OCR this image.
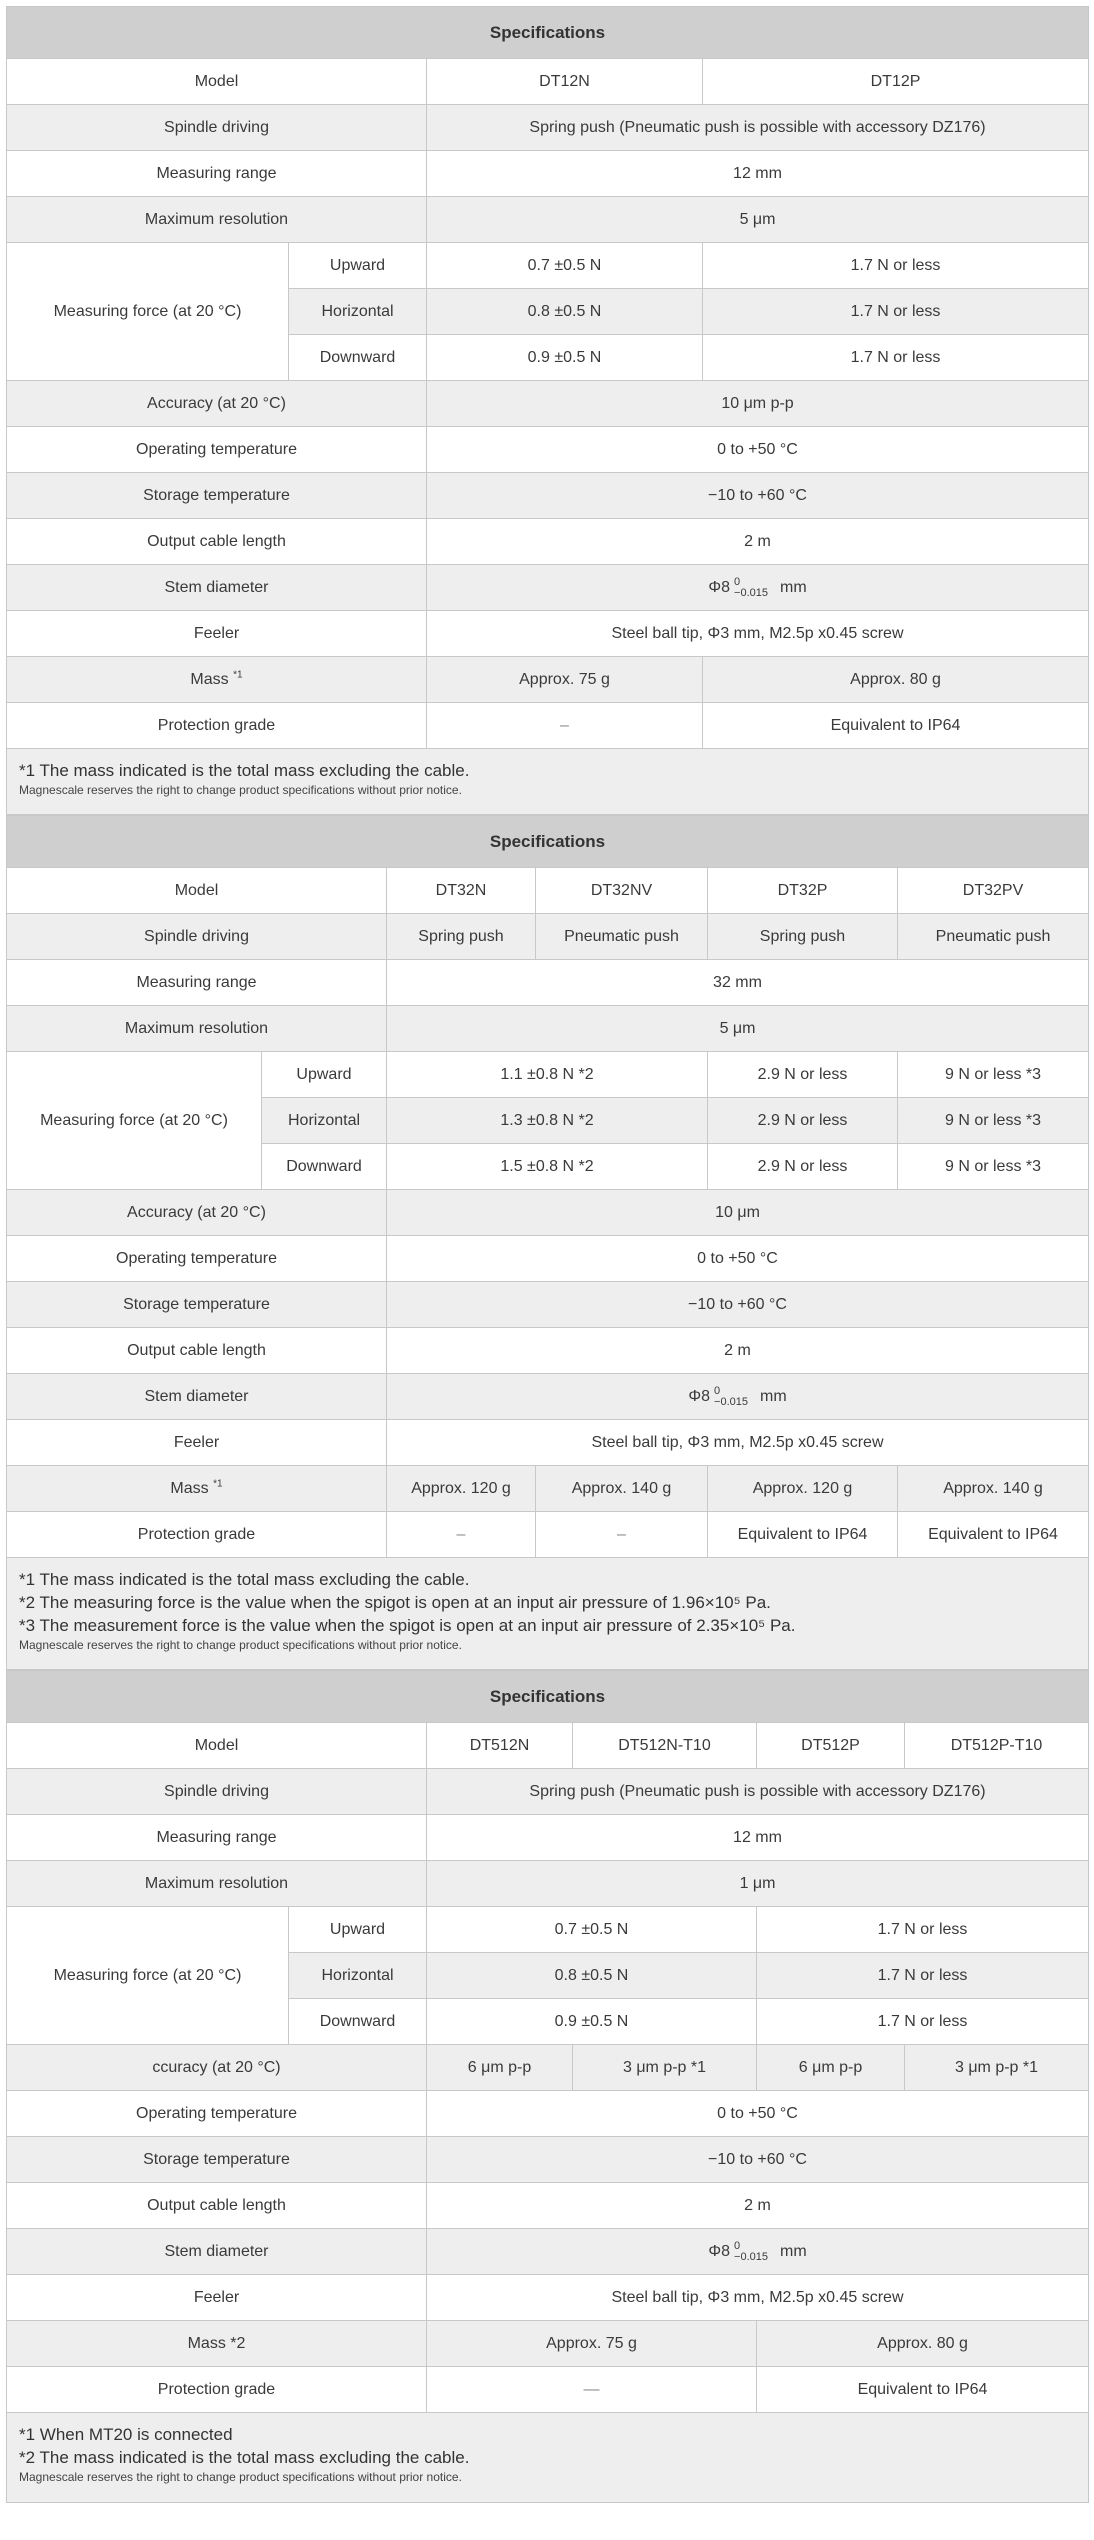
Specifications			
Model		DT12N	DT12P
Spindle driving		Spring push (Pneumatic push is possible with accessory DZ176)	
Measuring range		12 mm	
Maximum resolution		5 μm	
Measuring force (at 20 °C)	Upward	0.7 ±0.5 N	1.7 N or less
	Horizontal	0.8 ±0.5 N	1.7 N or less
	Downward	0.9 ±0.5 N	1.7 N or less
Accuracy (at 20 °C)		10 μm p-p	
Operating temperature		0 to +50 °C	
Storage temperature		−10 to +60 °C	
Output cable length		2 m	
Stem diameter		Φ8 0
−0.015 mm	

Feeler		Steel ball tip, Φ3 mm, M2.5p x0.45 screw	
Mass $^{*1}$		Approx. 75 g	Approx. 80 g
Protection grade		–	Equivalent to IP64

*1 The mass indicated is the total mass excluding the cable.
Magnescale reserves the right to change product specifications without prior notice.			
Specifications					
Model		DT32N	DT32NV	DT32P	DT32PV
Spindle driving		Spring push	Pneumatic push	Spring push	Pneumatic push
Measuring range		32 mm			
Maximum resolution		5 μm			
Measuring force (at 20 °C)	Upward	1.1 ±0.8 N *2		2.9 N or less	9 N or less *3
	Horizontal	1.3 ±0.8 N *2		2.9 N or less	9 N or less *3
	Downward	1.5 ±0.8 N *2		2.9 N or less	9 N or less *3
Accuracy (at 20 °C)		10 μm			
Operating temperature		0 to +50 °C			
Storage temperature		−10 to +60 °C			
Output cable length		2 m			
Stem diameter		Φ8 0
−0.015 mm			

Feeler		Steel ball tip, Φ3 mm, M2.5p x0.45 screw			
Mass $^{*1}$		Approx. 120 g	Approx. 140 g	Approx. 120 g	Approx. 140 g
Protection grade		–	–	Equivalent to IP64	Equivalent to IP64

*1 The mass indicated is the total mass excluding the cable.
*2 The measuring force is the value when the spigot is open at an input air pressure of 1.96×10⁵ Pa.
*3 The measurement force is the value when the spigot is open at an input air pressure of 2.35×10⁵ Pa.
Magnescale reserves the right to change product specifications without prior notice.					
Specifications					
Model		DT512N	DT512N-T10	DT512P	DT512P-T10
Spindle driving		Spring push (Pneumatic push is possible with accessory DZ176)			
Measuring range		12 mm			
Maximum resolution		1 μm			
Measuring force (at 20 °C)	Upward	0.7 ±0.5 N		1.7 N or less	
	Horizontal	0.8 ±0.5 N		1.7 N or less	
	Downward	0.9 ±0.5 N		1.7 N or less	
ccuracy (at 20 °C)		6 μm p-p	3 μm p-p *1	6 μm p-p	3 μm p-p *1
Operating temperature		0 to +50 °C			
Storage temperature		−10 to +60 °C			
Output cable length		2 m			
Stem diameter		Φ8 0
−0.015 mm			

Feeler		Steel ball tip, Φ3 mm, M2.5p x0.45 screw			
Mass *2		Approx. 75 g		Approx. 80 g	
Protection grade		—		Equivalent to IP64	

*1 When MT20 is connected
*2 The mass indicated is the total mass excluding the cable.
Magnescale reserves the right to change product specifications without prior notice.					
